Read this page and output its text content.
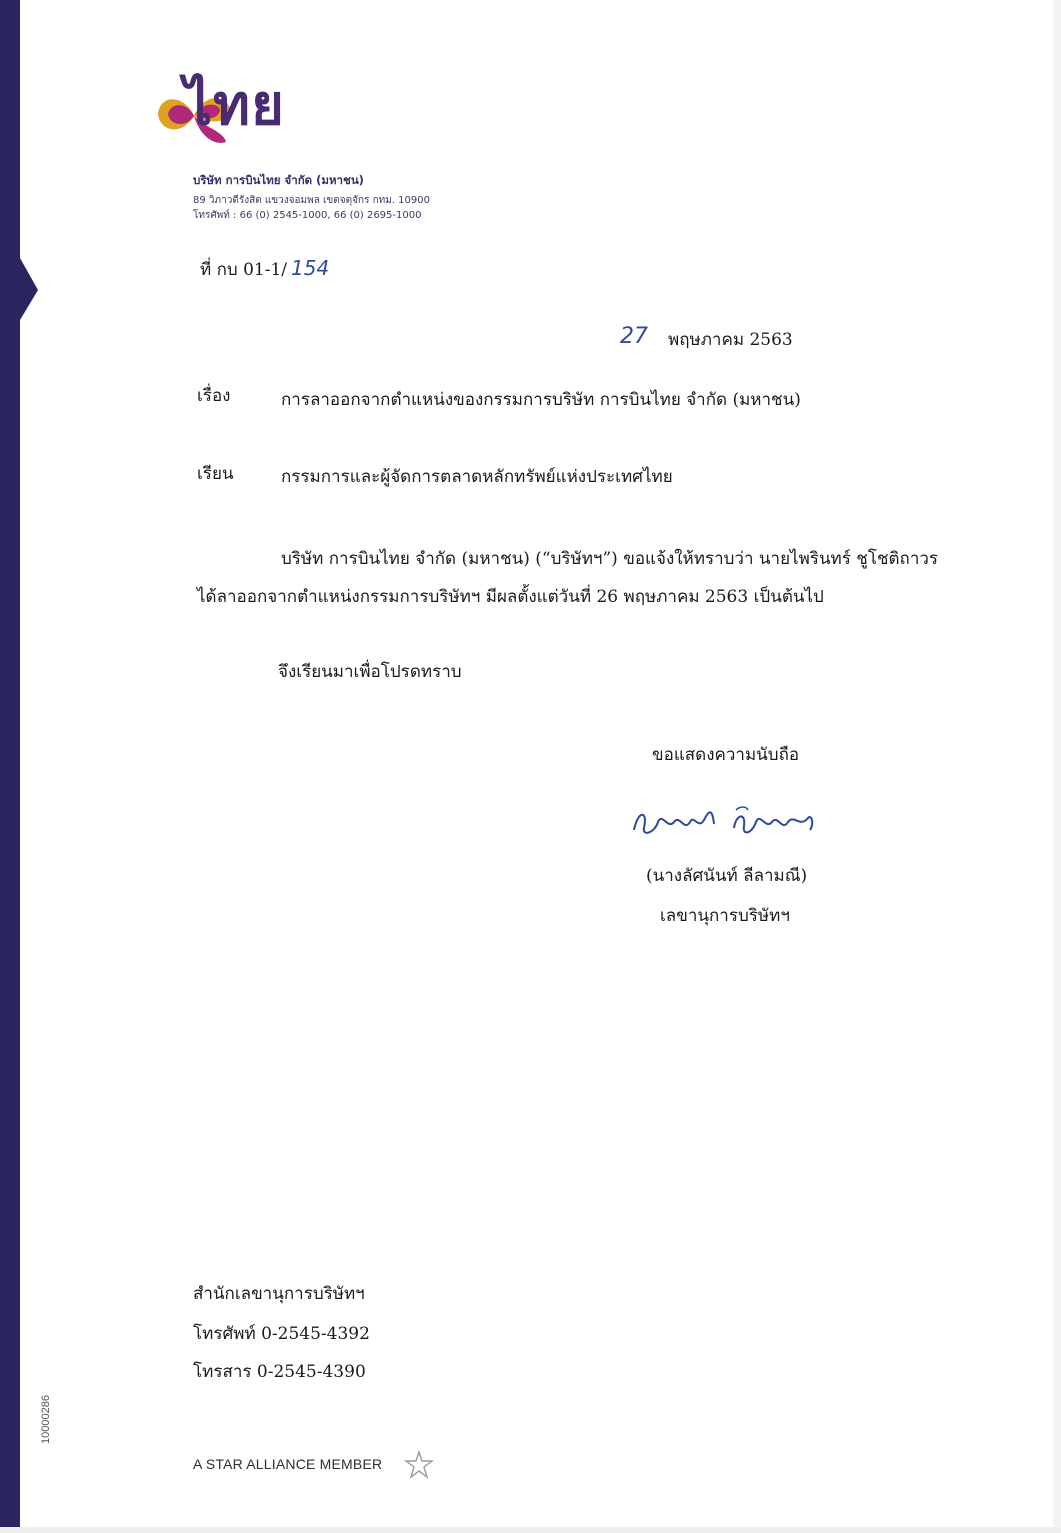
ไทย
บริษัท การบินไทย จำกัด (มหาชน)
89 วิภาวดีรังสิต แขวงจอมพล เขตจตุจักร กทม. 10900
โทรศัพท์ : 66 (0) 2545-1000, 66 (0) 2695-1000
ที่ กบ 01-1/ 154
27 พฤษภาคม 2563
เรื่อง	การลาออกจากตำแหน่งของกรรมการบริษัท การบินไทย จำกัด (มหาชน)
เรียน	กรรมการและผู้จัดการตลาดหลักทรัพย์แห่งประเทศไทย
บริษัท การบินไทย จำกัด (มหาชน) (“บริษัทฯ”) ขอแจ้งให้ทราบว่า นายไพรินทร์ ชูโชติถาวร
ได้ลาออกจากตำแหน่งกรรมการบริษัทฯ มีผลตั้งแต่วันที่ 26 พฤษภาคม 2563 เป็นต้นไป
จึงเรียนมาเพื่อโปรดทราบ
ขอแสดงความนับถือ
(นางลัศนันท์ ลีลามณี)
เลขานุการบริษัทฯ
สำนักเลขานุการบริษัทฯ
โทรศัพท์ 0-2545-4392
โทรสาร 0-2545-4390
A STAR ALLIANCE MEMBER
10000286
